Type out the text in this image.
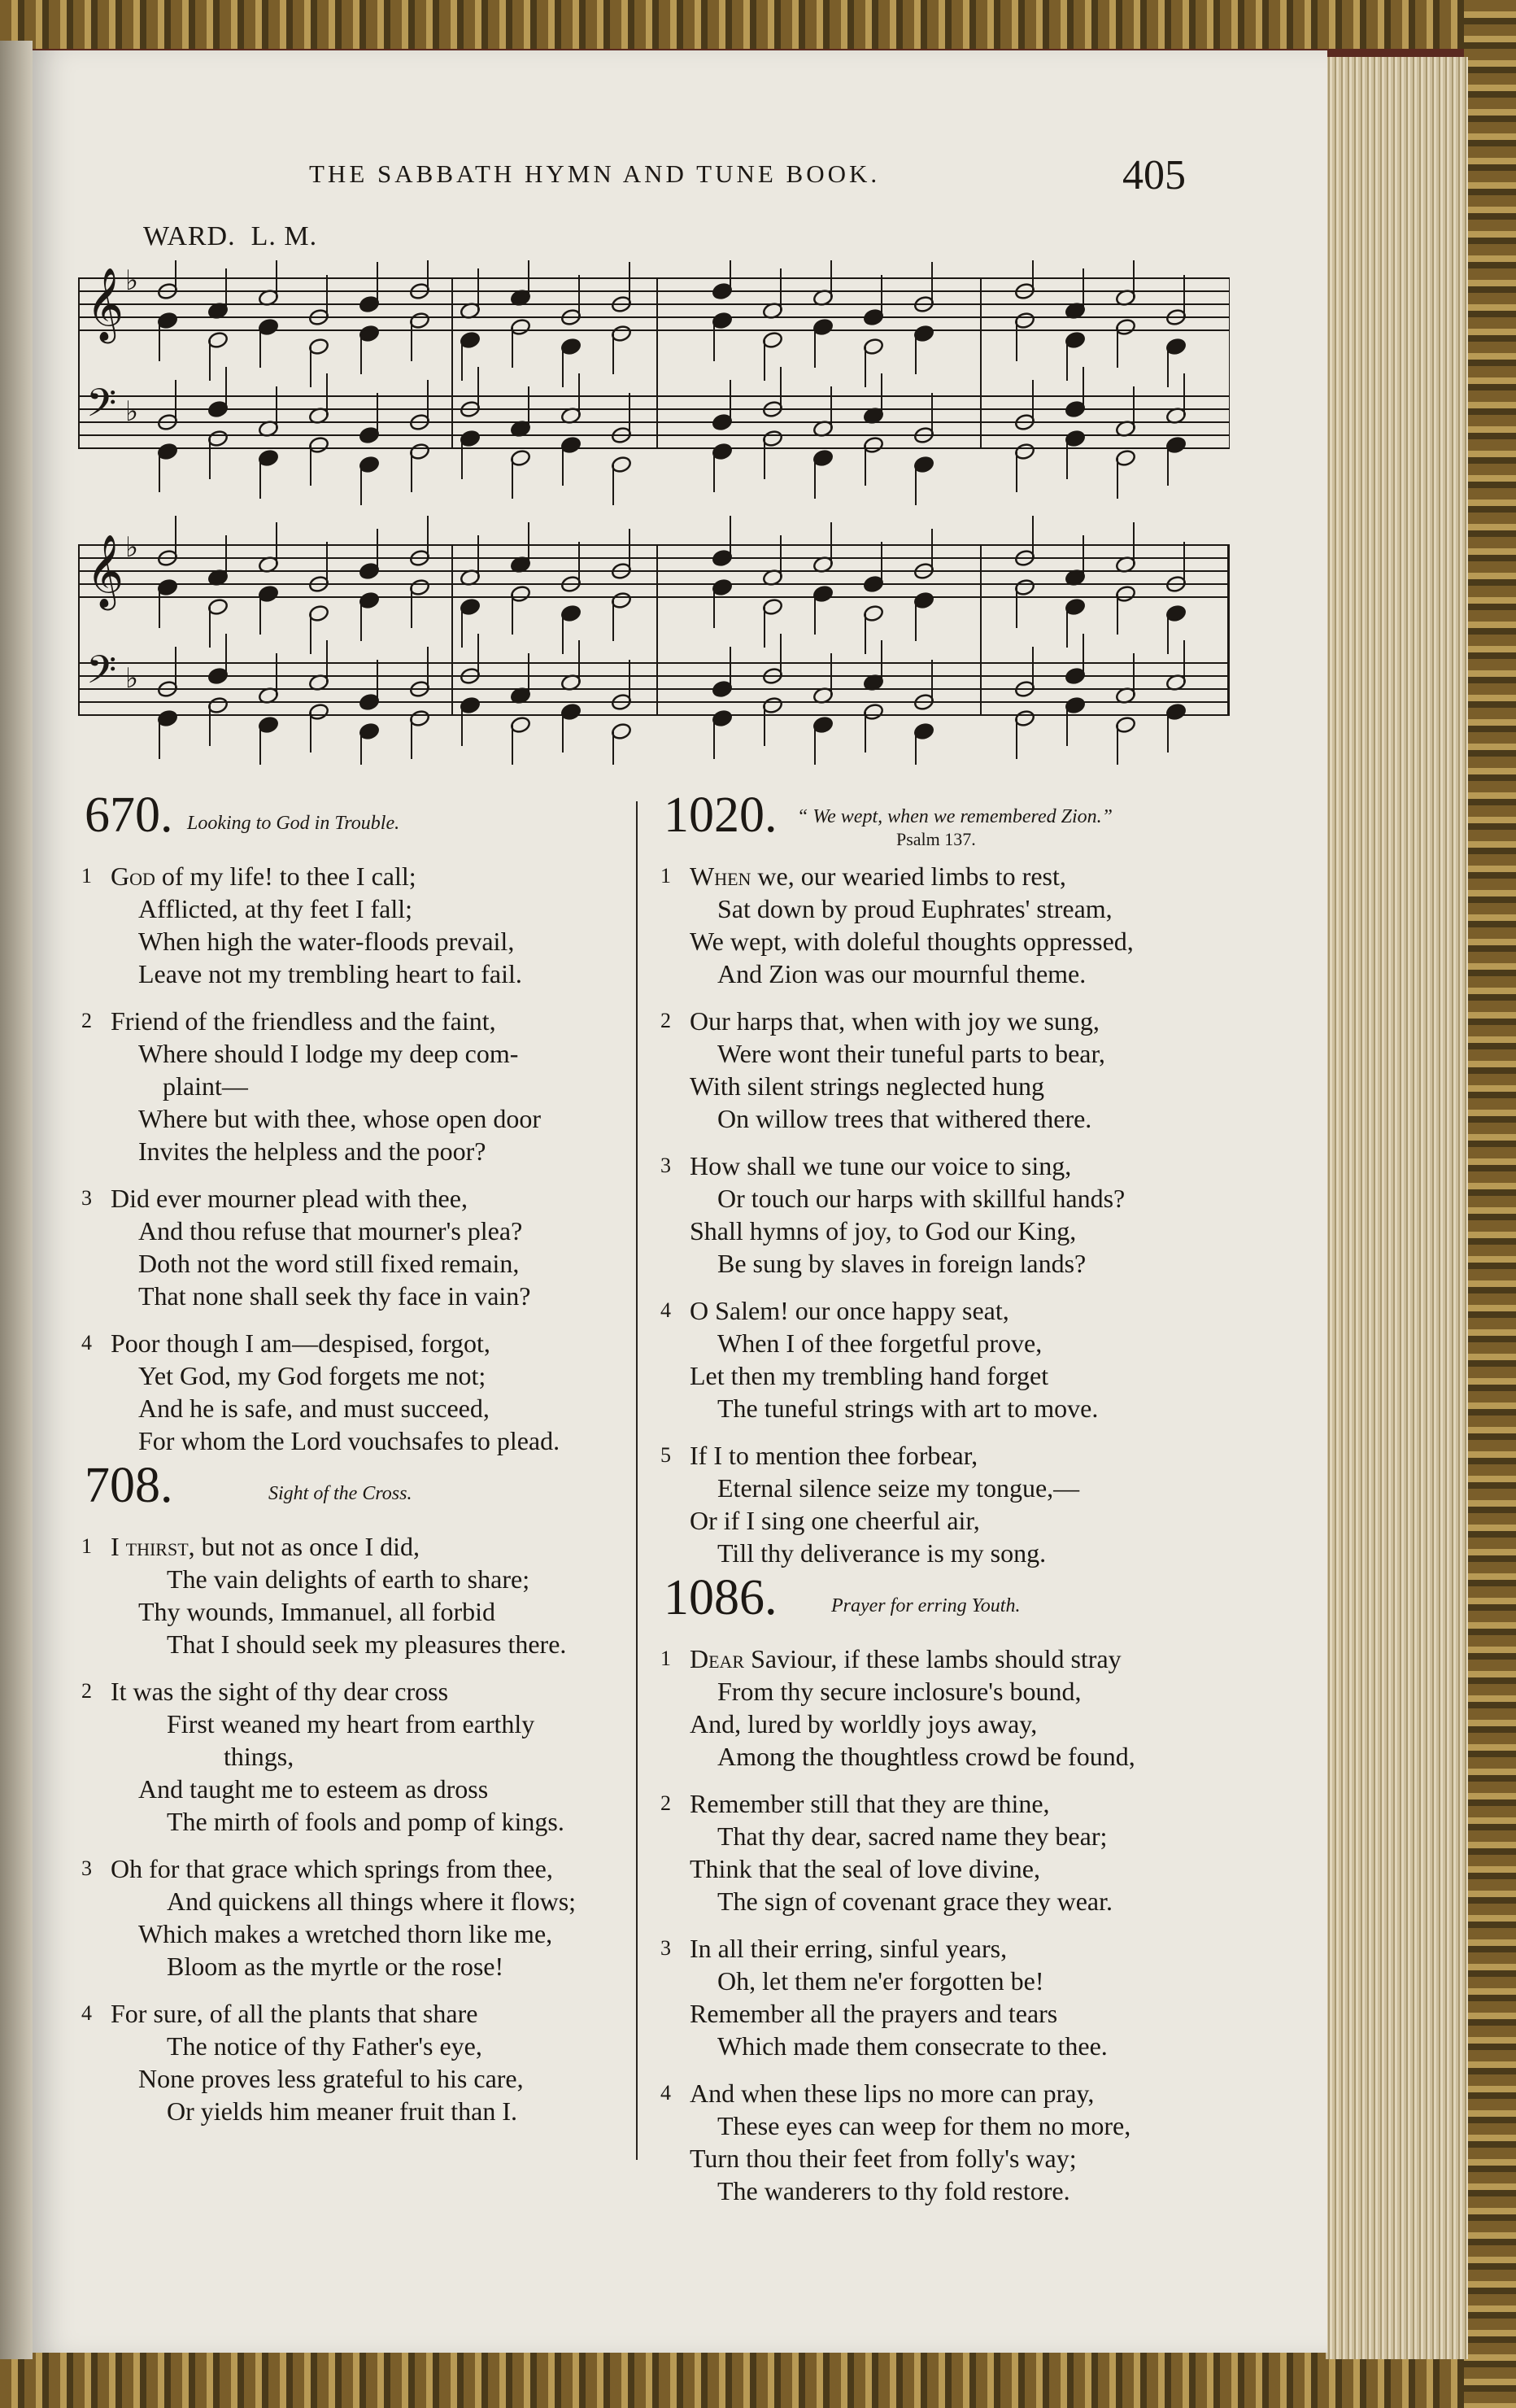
THE SABBATH HYMN AND TUNE BOOK.	405
WARD. L. M.
𝄞 ♭
𝄢 ♭
𝄞 ♭
𝄢 ♭
670. Looking to God in Trouble.
1 God of my life! to thee I call;
Afflicted, at thy feet I fall;
When high the water-floods prevail,
Leave not my trembling heart to fail.
2 Friend of the friendless and the faint,
Where should I lodge my deep com-
plaint—
Where but with thee, whose open door
Invites the helpless and the poor?
3 Did ever mourner plead with thee,
And thou refuse that mourner's plea?
Doth not the word still fixed remain,
That none shall seek thy face in vain?
4 Poor though I am—despised, forgot,
Yet God, my God forgets me not;
And he is safe, and must succeed,
For whom the Lord vouchsafes to plead.
708.	Sight of the Cross.
1 I thirst, but not as once I did,
The vain delights of earth to share;
Thy wounds, Immanuel, all forbid
That I should seek my pleasures there.
2 It was the sight of thy dear cross
First weaned my heart from earthly
things,
And taught me to esteem as dross
The mirth of fools and pomp of kings.
3 Oh for that grace which springs from thee,
And quickens all things where it flows;
Which makes a wretched thorn like me,
Bloom as the myrtle or the rose!
4 For sure, of all the plants that share
The notice of thy Father's eye,
None proves less grateful to his care,
Or yields him meaner fruit than I.
1020. “ We wept, when we remembered Zion.”
Psalm 137.
1 When we, our wearied limbs to rest,
Sat down by proud Euphrates' stream,
We wept, with doleful thoughts oppressed,
And Zion was our mournful theme.
2 Our harps that, when with joy we sung,
Were wont their tuneful parts to bear,
With silent strings neglected hung
On willow trees that withered there.
3 How shall we tune our voice to sing,
Or touch our harps with skillful hands?
Shall hymns of joy, to God our King,
Be sung by slaves in foreign lands?
4 O Salem! our once happy seat,
When I of thee forgetful prove,
Let then my trembling hand forget
The tuneful strings with art to move.
5 If I to mention thee forbear,
Eternal silence seize my tongue,—
Or if I sing one cheerful air,
Till thy deliverance is my song.
1086.	Prayer for erring Youth.
1 Dear Saviour, if these lambs should stray
From thy secure inclosure's bound,
And, lured by worldly joys away,
Among the thoughtless crowd be found,
2 Remember still that they are thine,
That thy dear, sacred name they bear;
Think that the seal of love divine,
The sign of covenant grace they wear.
3 In all their erring, sinful years,
Oh, let them ne'er forgotten be!
Remember all the prayers and tears
Which made them consecrate to thee.
4 And when these lips no more can pray,
These eyes can weep for them no more,
Turn thou their feet from folly's way;
The wanderers to thy fold restore.
